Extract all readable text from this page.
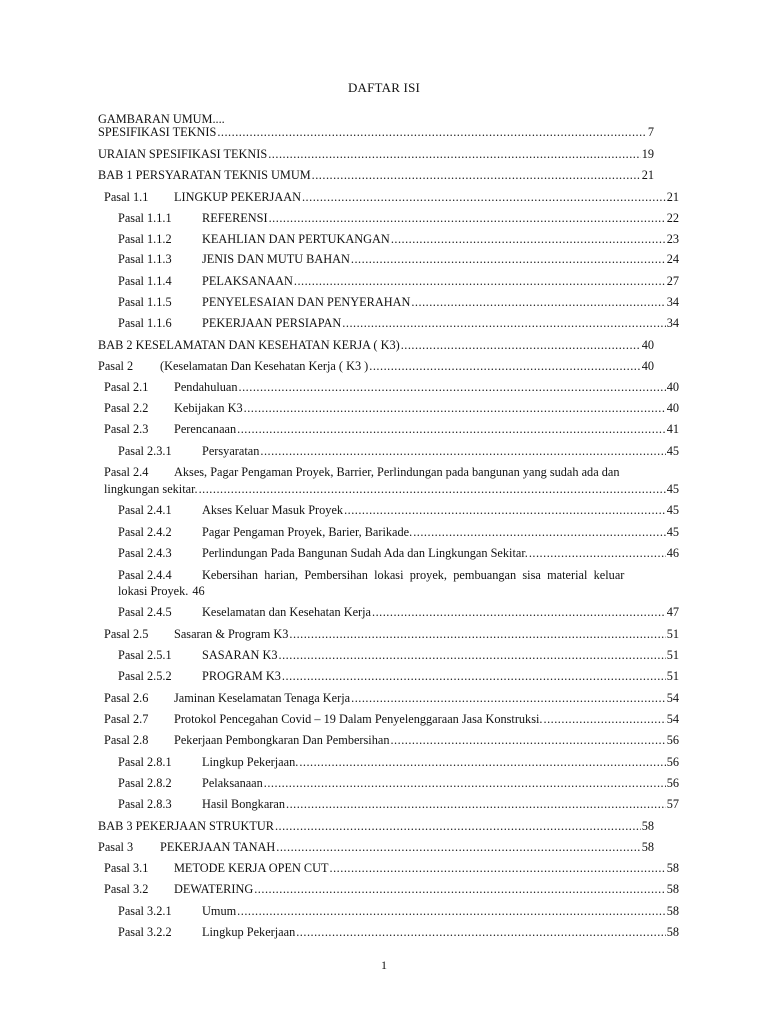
DAFTAR ISI
GAMBARAN UMUM ....
SPESIFIKASI TEKNIS .....	7
URAIAN SPESIFIKASI TEKNIS .....	19
BAB 1 PERSYARATAN TEKNIS UMUM .....	21
Pasal 1.1	LINGKUP PEKERJAAN .....	21
Pasal 1.1.1	REFERENSI .....	22
Pasal 1.1.2	KEAHLIAN DAN PERTUKANGAN .....	23
Pasal 1.1.3	JENIS DAN MUTU BAHAN .....	24
Pasal 1.1.4	PELAKSANAAN .....	27
Pasal 1.1.5	PENYELESAIAN DAN PENYERAHAN .....	34
Pasal 1.1.6	PEKERJAAN PERSIAPAN .....	34
BAB 2 KESELAMATAN DAN KESEHATAN KERJA ( K3) .....	40
Pasal 2	(Keselamatan Dan Kesehatan Kerja ( K3 ) .....	40
Pasal 2.1	Pendahuluan .....	40
Pasal 2.2	Kebijakan K3 .....	40
Pasal 2.3	Perencanaan .....	41
Pasal 2.3.1	Persyaratan .....	45
Pasal 2.4	Akses, Pagar Pengaman Proyek, Barrier, Perlindungan pada bangunan yang sudah ada dan
lingkungan sekitar. .....	45
Pasal 2.4.1	Akses Keluar Masuk Proyek .....	45
Pasal 2.4.2	Pagar Pengaman Proyek, Barier, Barikade. .....	45
Pasal 2.4.3	Perlindungan Pada Bangunan Sudah Ada dan Lingkungan Sekitar. .....	46
Pasal 2.4.4	Kebersihan harian, Pembersihan lokasi proyek, pembuangan sisa material keluar
lokasi Proyek. 46
Pasal 2.4.5	Keselamatan dan Kesehatan Kerja .....	47
Pasal 2.5	Sasaran & Program K3 .....	51
Pasal 2.5.1	SASARAN K3 .....	51
Pasal 2.5.2	PROGRAM K3 .....	51
Pasal 2.6	Jaminan Keselamatan Tenaga Kerja .....	54
Pasal 2.7	Protokol Pencegahan Covid – 19 Dalam Penyelenggaraan Jasa Konstruksi. .....	54
Pasal 2.8	Pekerjaan Pembongkaran Dan Pembersihan .....	56
Pasal 2.8.1	Lingkup Pekerjaan. .....	56
Pasal 2.8.2	Pelaksanaan .....	56
Pasal 2.8.3	Hasil Bongkaran .....	57
BAB 3 PEKERJAAN STRUKTUR .....	58
Pasal 3	PEKERJAAN TANAH .....	58
Pasal 3.1	METODE KERJA OPEN CUT .....	58
Pasal 3.2	DEWATERING .....	58
Pasal 3.2.1	Umum .....	58
Pasal 3.2.2	Lingkup Pekerjaan .....	58
1
